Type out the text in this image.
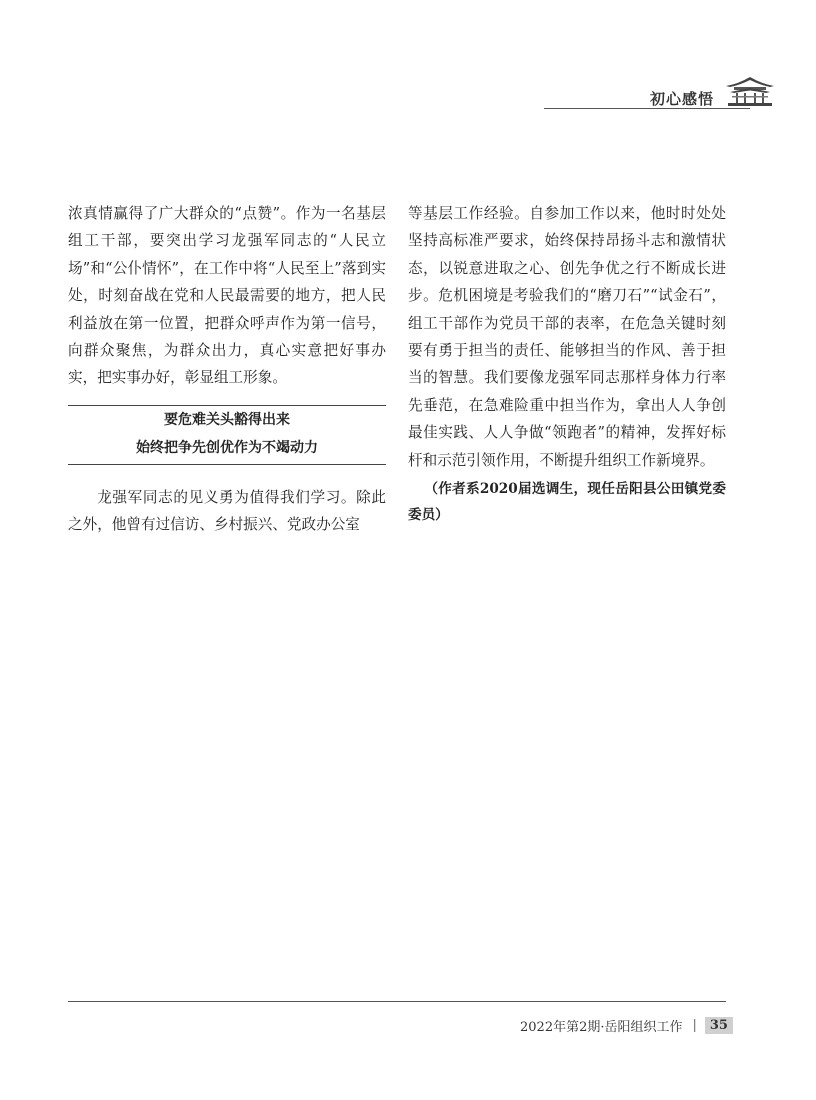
初心感悟

浓真情赢得了广大群众的“点赞”。作为一名基层组工干部，要突出学习龙强军同志的“人民立场”和“公仆情怀”，在工作中将“人民至上”落到实处，时刻奋战在党和人民最需要的地方，把人民利益放在第一位置，把群众呼声作为第一信号，向群众聚焦，为群众出力，真心实意把好事办实，把实事办好，彰显组工形象。

要危难关头豁得出来
始终把争先创优作为不竭动力

龙强军同志的见义勇为值得我们学习。除此之外，他曾有过信访、乡村振兴、党政办公室

等基层工作经验。自参加工作以来，他时时处处坚持高标准严要求，始终保持昂扬斗志和激情状态，以锐意进取之心、创先争优之行不断成长进步。危机困境是考验我们的“磨刀石”“试金石”，组工干部作为党员干部的表率，在危急关键时刻要有勇于担当的责任、能够担当的作风、善于担当的智慧。我们要像龙强军同志那样身体力行率先垂范，在急难险重中担当作为，拿出人人争创最佳实践、人人争做“领跑者”的精神，发挥好标杆和示范引领作用，不断提升组织工作新境界。

（作者系2020届选调生，现任岳阳县公田镇党委委员）

2022年第2期·岳阳组织工作 |	35
